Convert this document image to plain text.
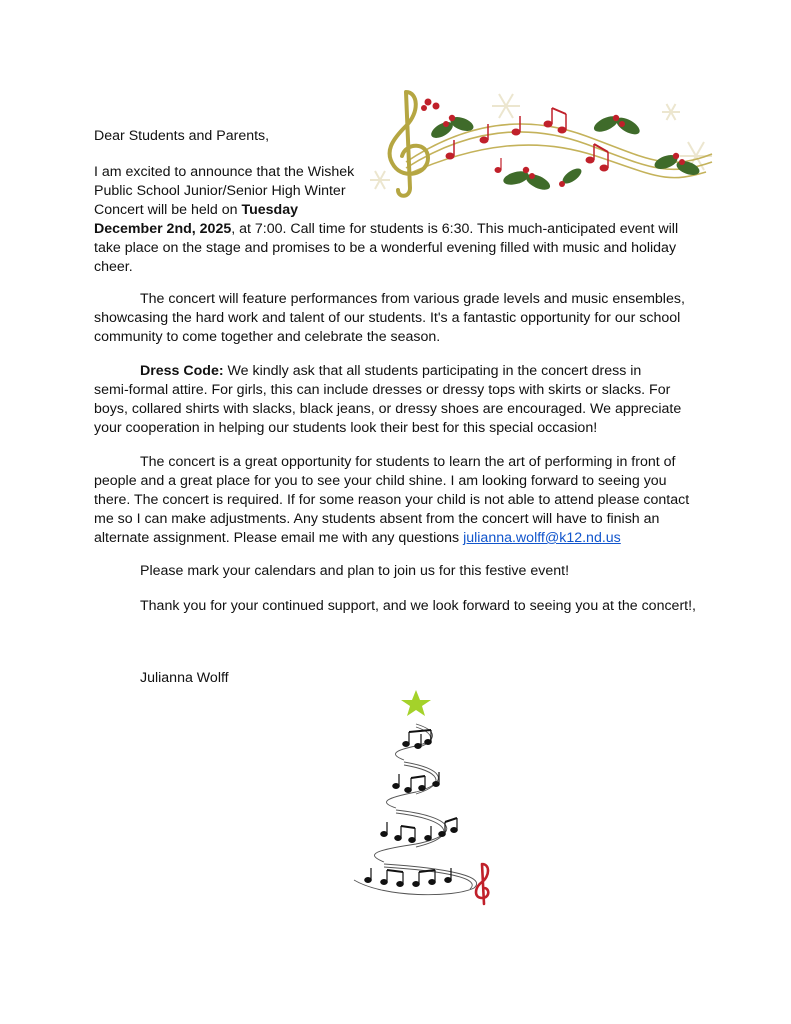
Dear Students and Parents,
I am excited to announce that the Wishek
Public School Junior/Senior High Winter
Concert will be held on Tuesday
December 2nd, 2025, at 7:00. Call time for students is 6:30. This much-anticipated event will
take place on the stage and promises to be a wonderful evening filled with music and holiday
cheer.
The concert will feature performances from various grade levels and music ensembles,
showcasing the hard work and talent of our students. It's a fantastic opportunity for our school
community to come together and celebrate the season.
Dress Code: We kindly ask that all students participating in the concert dress in
semi-formal attire. For girls, this can include dresses or dressy tops with skirts or slacks. For
boys, collared shirts with slacks, black jeans, or dressy shoes are encouraged. We appreciate
your cooperation in helping our students look their best for this special occasion!
The concert is a great opportunity for students to learn the art of performing in front of
people and a great place for you to see your child shine. I am looking forward to seeing you
there. The concert is required. If for some reason your child is not able to attend please contact
me so I can make adjustments. Any students absent from the concert will have to finish an
alternate assignment. Please email me with any questions julianna.wolff@k12.nd.us
Please mark your calendars and plan to join us for this festive event!
Thank you for your continued support, and we look forward to seeing you at the concert!,
Julianna Wolff
